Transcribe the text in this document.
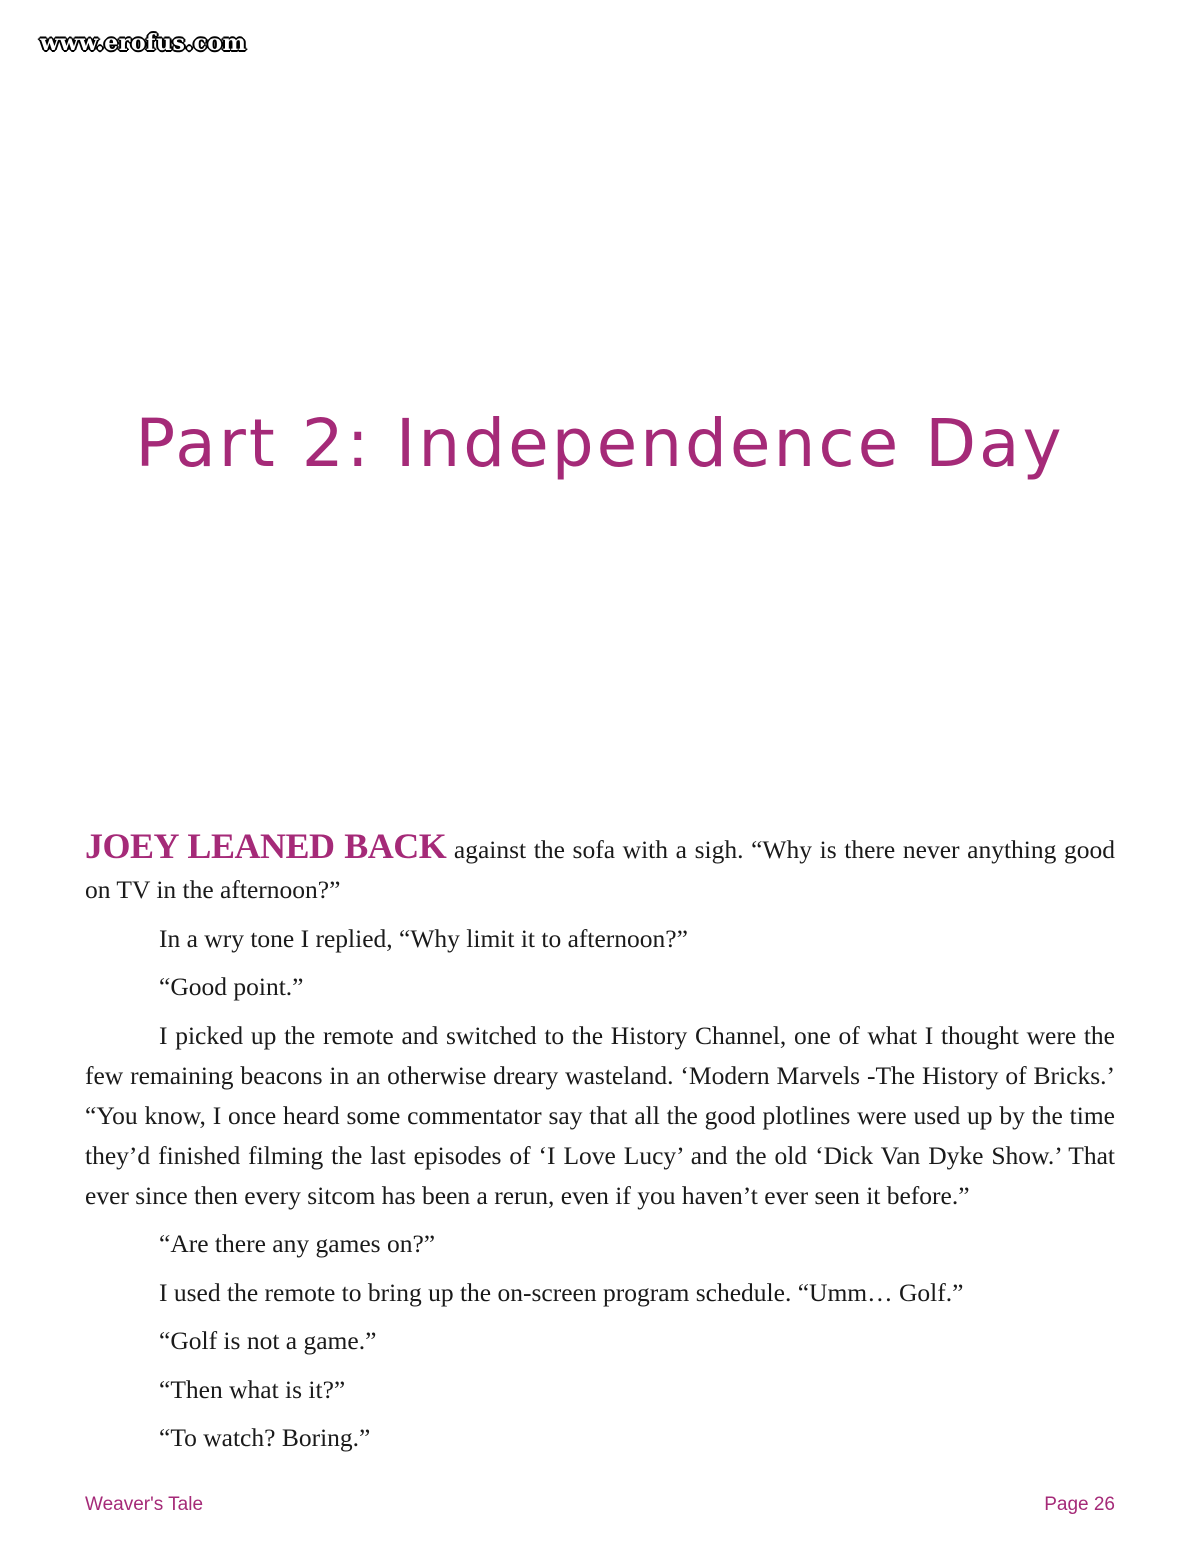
www.erofus.com
Part 2: Independence Day

JOEY LEANED BACK against the sofa with a sigh. “Why is there never anything good on TV in the afternoon?”

In a wry tone I replied, “Why limit it to afternoon?”

“Good point.”

I picked up the remote and switched to the History Channel, one of what I thought were the few remaining beacons in an otherwise dreary wasteland. ‘Modern Marvels -The History of Bricks.’ “You know, I once heard some commentator say that all the good plotlines were used up by the time they’d finished filming the last episodes of ‘I Love Lucy’ and the old ‘Dick Van Dyke Show.’ That ever since then every sitcom has been a rerun, even if you haven’t ever seen it before.”

“Are there any games on?”

I used the remote to bring up the on-screen program schedule. “Umm… Golf.”

“Golf is not a game.”

“Then what is it?”

“To watch? Boring.”

Weaver's Tale	Page 26
